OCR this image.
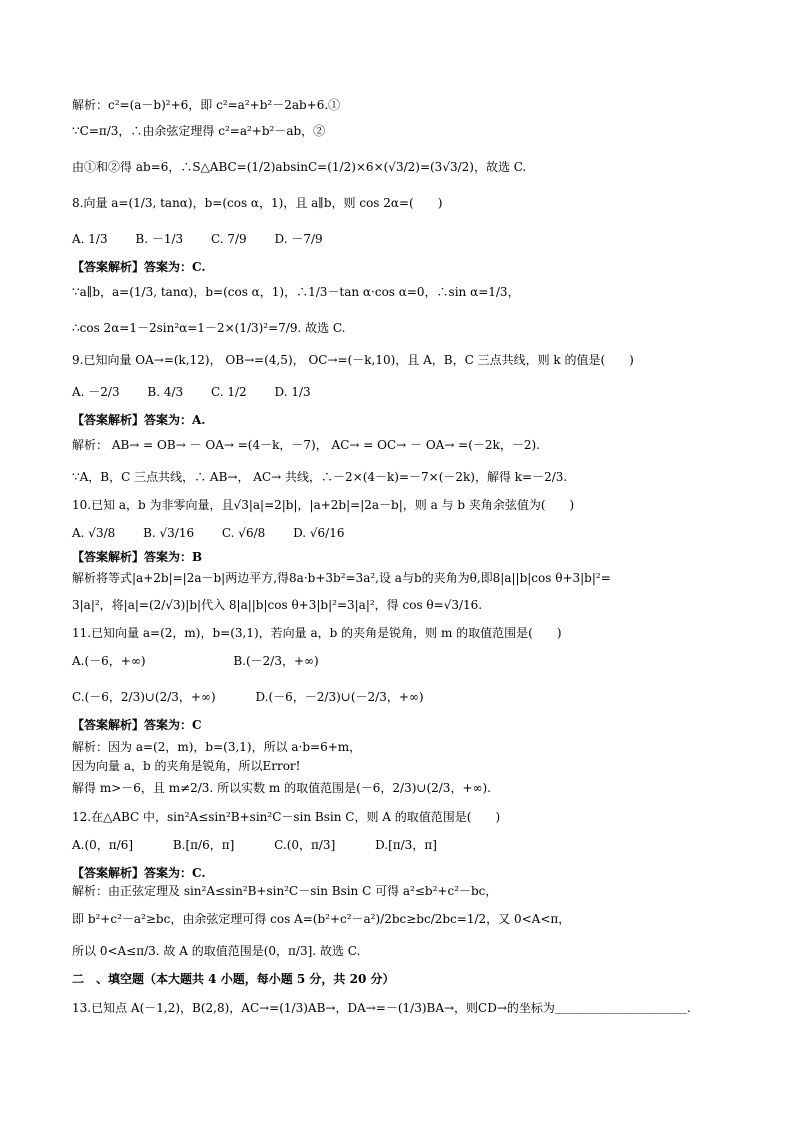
解析：c²=(a－b)²+6，即 c²=a²+b²－2ab+6.①
∵C=π/3，∴由余弦定理得 c²=a²+b²－ab，②
由①和②得 ab=6，∴S△ABC=(1/2)absinC=(1/2)×6×(√3/2)=(3√3/2)，故选 C.
8.向量 a=(1/3, tanα)，b=(cos α，1)，且 a∥b，则 cos 2α=(　　)
A. 1/3　　 B. －1/3　　 C. 7/9　　 D. －7/9
【答案解析】答案为：C.
∵a∥b，a=(1/3, tanα)，b=(cos α，1)，∴1/3－tan α·cos α=0，∴sin α=1/3，
∴cos 2α=1－2sin²α=1－2×(1/3)²=7/9. 故选 C.
9.已知向量 OA→=(k,12)， OB→=(4,5)， OC→=(－k,10)，且 A，B，C 三点共线，则 k 的值是(　　)
A. －2/3　　 B. 4/3　　 C. 1/2　　 D. 1/3
【答案解析】答案为：A.
解析： AB→ = OB→ － OA→ =(4－k，－7)， AC→ = OC→ － OA→ =(－2k，－2).
∵A，B，C 三点共线，∴ AB→， AC→ 共线，∴－2×(4－k)=－7×(－2k)，解得 k=－2/3.
10.已知 a，b 为非零向量，且√3|a|=2|b|，|a+2b|=|2a－b|，则 a 与 b 夹角余弦值为(　　)
A. √3/8　　 B. √3/16　　 C. √6/8　　 D. √6/16
【答案解析】答案为：B
解析将等式|a+2b|=|2a－b|两边平方,得8a·b+3b²=3a²,设 a与b的夹角为θ,即8|a||b|cos θ+3|b|²=
3|a|²，将|a|=(2/√3)|b|代入 8|a||b|cos θ+3|b|²=3|a|²，得 cos θ=√3/16.
11.已知向量 a=(2，m)，b=(3,1)，若向量 a，b 的夹角是锐角，则 m 的取值范围是(　　)
A.(－6，+∞)　　　　　　　 B.(－2/3，+∞)
C.(－6，2/3)∪(2/3，+∞)　　　 D.(－6，－2/3)∪(－2/3，+∞)
【答案解析】答案为：C
解析：因为 a=(2，m)，b=(3,1)，所以 a·b=6+m，
因为向量 a，b 的夹角是锐角，所以Error!
解得 m>－6，且 m≠2/3. 所以实数 m 的取值范围是(－6，2/3)∪(2/3，+∞).
12.在△ABC 中，sin²A≤sin²B+sin²C－sin Bsin C，则 A 的取值范围是(　　)
A.(0，π/6]　　　 B.[π/6，π]　　　 C.(0，π/3]　　　 D.[π/3，π]
【答案解析】答案为：C.
解析：由正弦定理及 sin²A≤sin²B+sin²C－sin Bsin C 可得 a²≤b²+c²－bc，
即 b²+c²－a²≥bc，由余弦定理可得 cos A=(b²+c²－a²)/2bc≥bc/2bc=1/2，又 0<A<π，
所以 0<A≤π/3. 故 A 的取值范围是(0，π/3]. 故选 C.
二　、填空题（本大题共 4 小题，每小题 5 分，共 20 分）
13.已知点 A(－1,2)，B(2,8)，AC→=(1/3)AB→，DA→=－(1/3)BA→，则CD→的坐标为＿＿＿＿＿＿＿＿＿＿＿.
